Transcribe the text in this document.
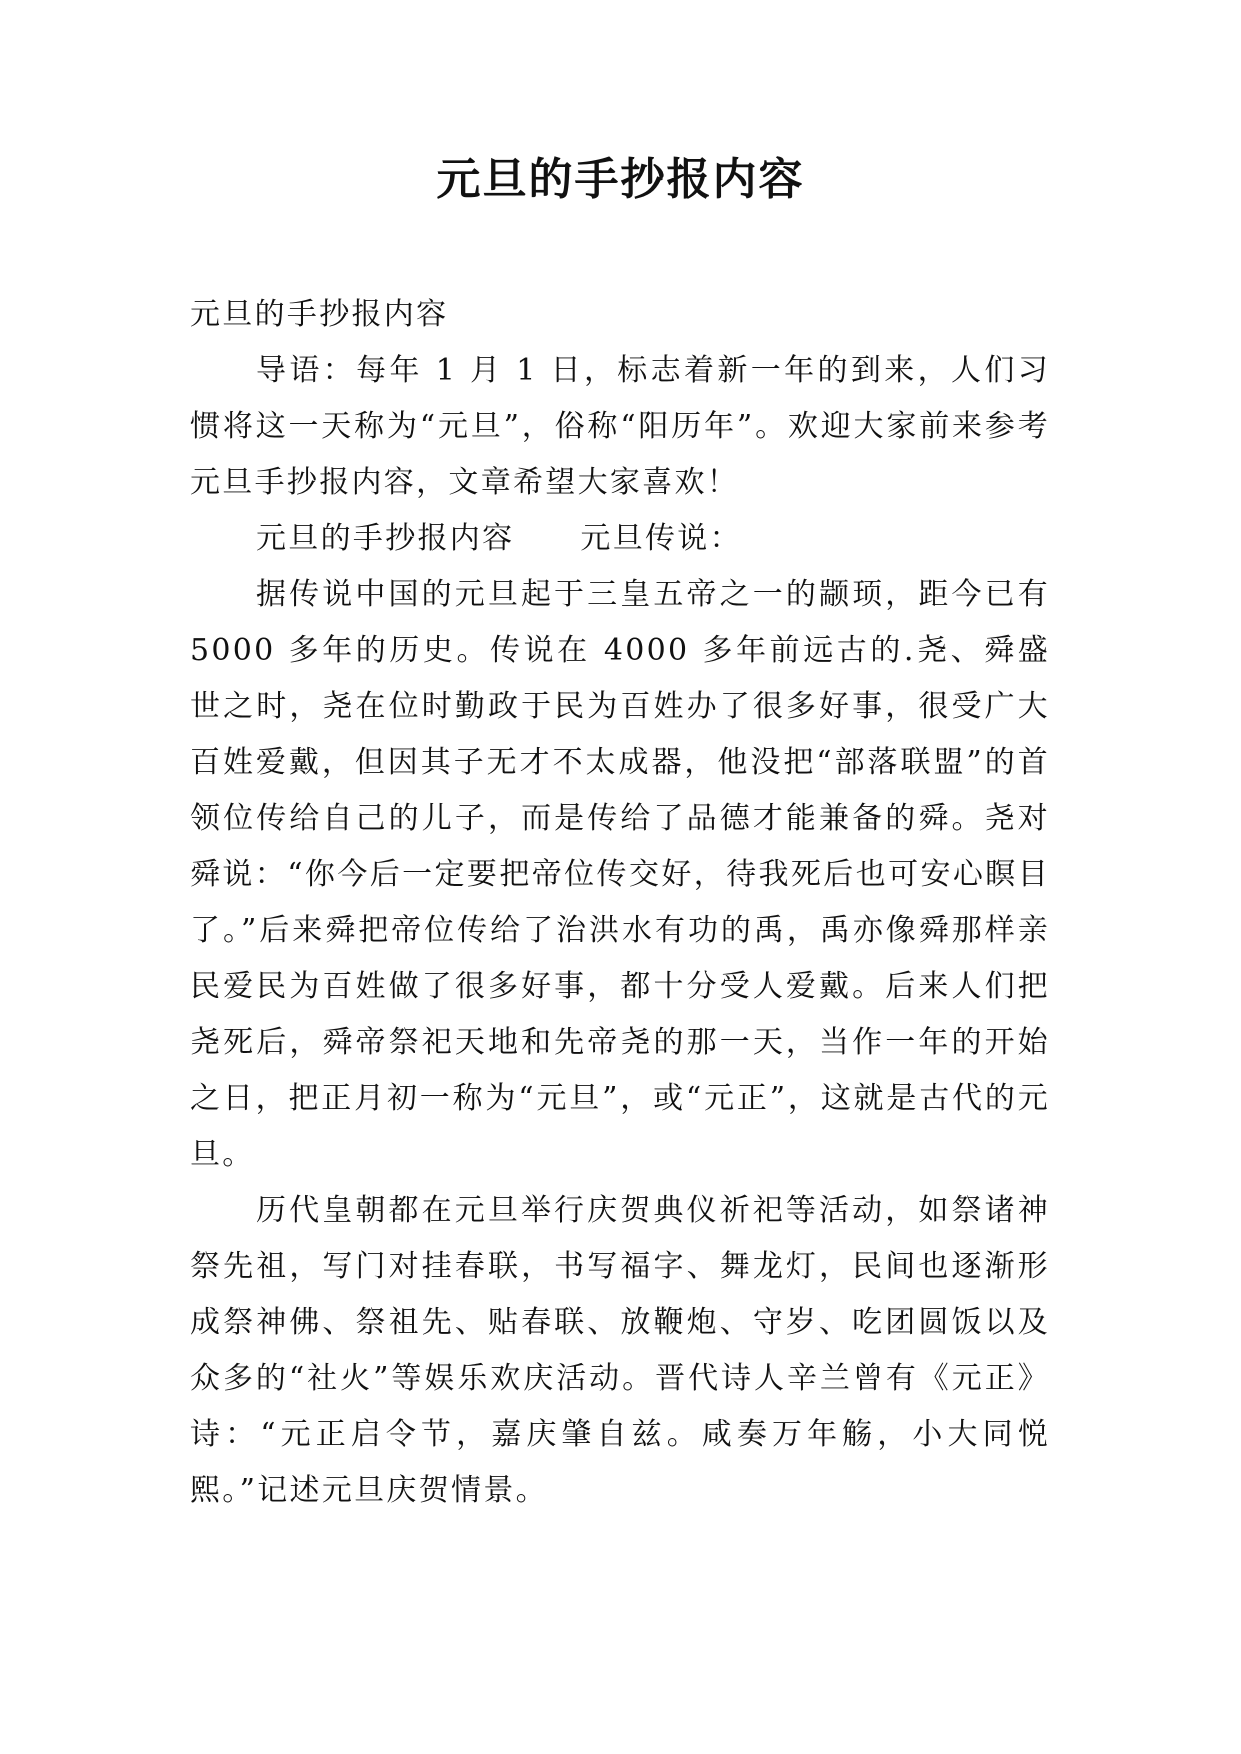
元旦的手抄报内容

元旦的手抄报内容

导语：每年 1 月 1 日，标志着新一年的到来，人们习惯将这一天称为“元旦”，俗称“阳历年”。欢迎大家前来参考元旦手抄报内容，文章希望大家喜欢！

元旦的手抄报内容 元旦传说：

据传说中国的元旦起于三皇五帝之一的颛顼，距今已有5000 多年的历史。传说在 4000 多年前远古的.尧、舜盛世之时，尧在位时勤政于民为百姓办了很多好事，很受广大百姓爱戴，但因其子无才不太成器，他没把“部落联盟”的首领位传给自己的儿子，而是传给了品德才能兼备的舜。尧对舜说：“你今后一定要把帝位传交好，待我死后也可安心瞑目了。”后来舜把帝位传给了治洪水有功的禹，禹亦像舜那样亲民爱民为百姓做了很多好事，都十分受人爱戴。后来人们把尧死后，舜帝祭祀天地和先帝尧的那一天，当作一年的开始之日，把正月初一称为“元旦”，或“元正”，这就是古代的元旦。

历代皇朝都在元旦举行庆贺典仪祈祀等活动，如祭诸神祭先祖，写门对挂春联，书写福字、舞龙灯，民间也逐渐形成祭神佛、祭祖先、贴春联、放鞭炮、守岁、吃团圆饭以及众多的“社火”等娱乐欢庆活动。晋代诗人辛兰曾有《元正》诗：“元正启令节，嘉庆肇自兹。咸奏万年觞，小大同悦熙。”记述元旦庆贺情景。
